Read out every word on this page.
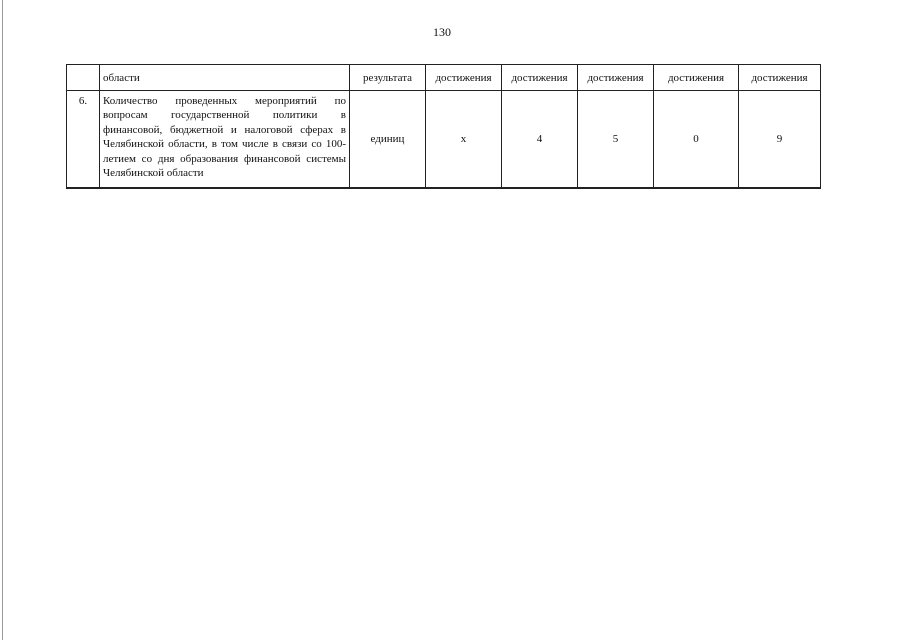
130
	области	результата	достижения	достижения	достижения	достижения	достижения
6.	Количество проведенных мероприятий по вопросам государственной политики в финансовой, бюджетной и налоговой сферах в Челябинской области, в том числе в связи со 100-летием со дня образования финансовой системы Челябинской области	единиц	x	4	5	0	9
